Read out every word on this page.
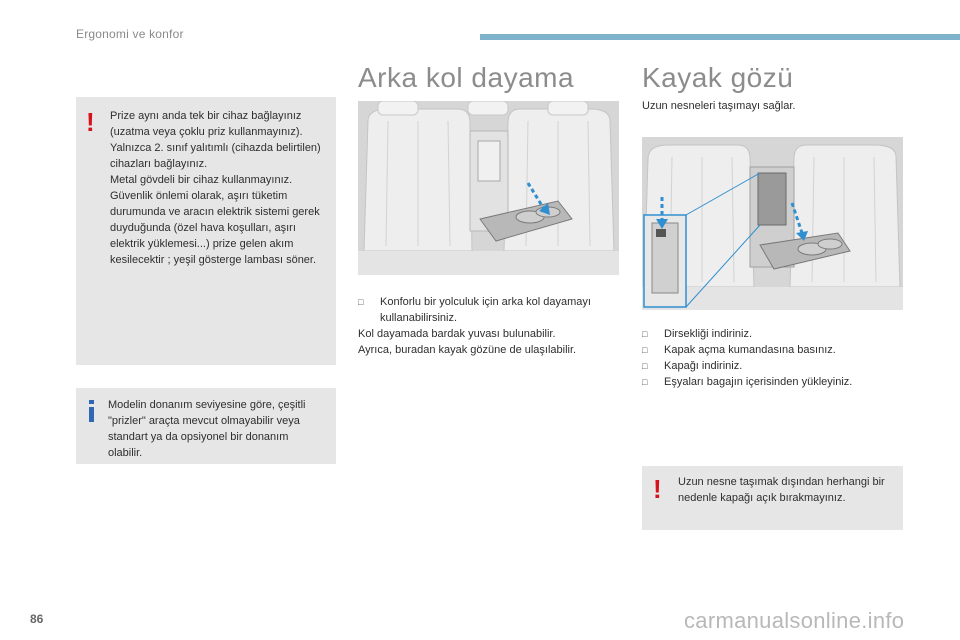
Ergonomi ve konfor
! Prize aynı anda tek bir cihaz bağlayınız (uzatma veya çoklu priz kullanmayınız).
Yalnızca 2. sınıf yalıtımlı (cihazda belirtilen) cihazları bağlayınız.
Metal gövdeli bir cihaz kullanmayınız.
Güvenlik önlemi olarak, aşırı tüketim durumunda ve aracın elektrik sistemi gerek duyduğunda (özel hava koşulları, aşırı elektrik yüklemesi...) prize gelen akım kesilecektir ; yeşil gösterge lambası söner.
Modelin donanım seviyesine göre, çeşitli "prizler" araçta mevcut olmayabilir veya standart ya da opsiyonel bir donanım olabilir.
Arka kol dayama
□	Konforlu bir yolculuk için arka kol dayamayı kullanabilirsiniz.
Kol dayamada bardak yuvası bulunabilir.
Ayrıca, buradan kayak gözüne de ulaşılabilir.
Kayak gözü
Uzun nesneleri taşımayı sağlar.
□	Dirsekliği indiriniz.
□	Kapak açma kumandasına basınız.
□	Kapağı indiriniz.
□	Eşyaları bagajın içerisinden yükleyiniz.
! Uzun nesne taşımak dışından herhangi bir nedenle kapağı açık bırakmayınız.
86	carmanualsonline.info
